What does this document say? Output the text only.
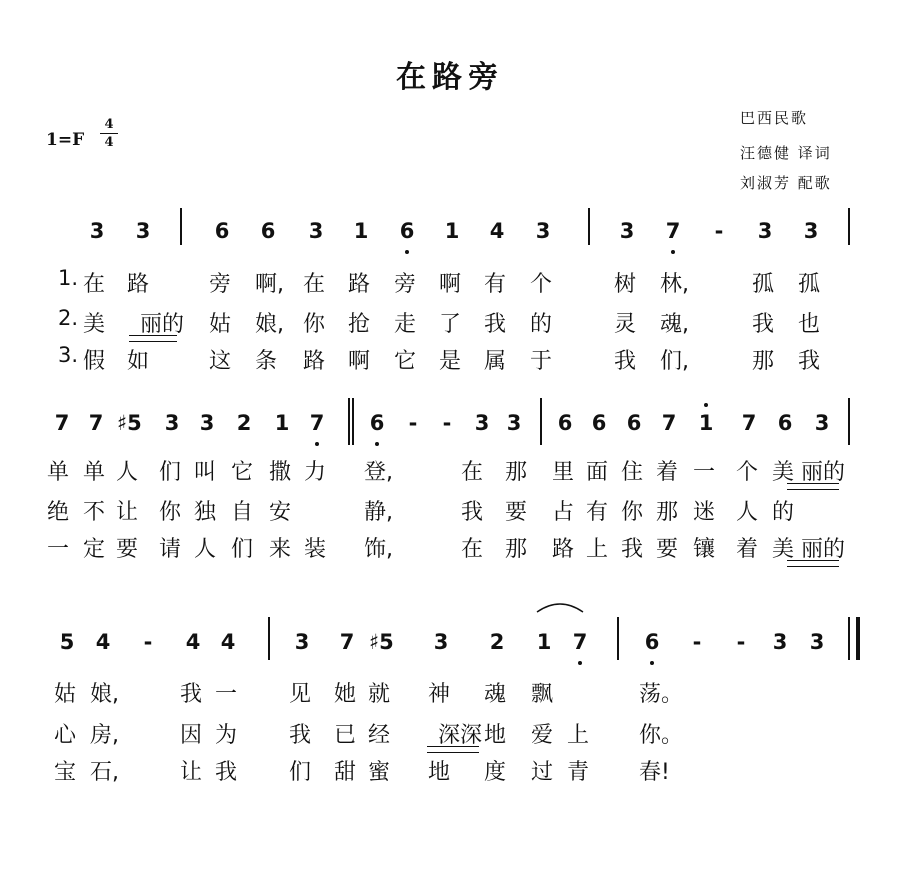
在路旁
1=F
4
4
巴西民歌
汪德健 译词
刘淑芳 配歌
3 3	6 6 3 1 6 1 4 3	3 7	-	3 3
1. 在 路	旁 啊, 在 路 旁 啊 有 个	树 林,	孤 孤
2. 美 丽的	姑 娘, 你 抢 走 了 我 的	灵 魂,	我 也
3. 假 如	这 条 路 啊 它 是 属 于	我 们,	那 我
7 7 ♯5 3 3 2 1 7 6	-	-	3 3 6 6 6 7 1 7 6 3
单 单 人 们 叫 它 撒 力 登,	在 那 里 面 住 着 一 个 美 丽的
绝 不 让 你 独 自 安	静,	我 要 占 有 你 那 迷 人 的
一 定 要 请 人 们 来 装 饰,	在 那 路 上 我 要 镶 着 美 丽的
5 4	-	4 4	3 7 ♯5 3 2 1 7	6	-	-	3 3
姑 娘,	我 一 见 她 就 神 魂 飘	荡。
心 房,	因 为 我 已 经 深深 地 爱 上 你。
宝 石,	让 我 们 甜 蜜 地 度 过 青 春!
